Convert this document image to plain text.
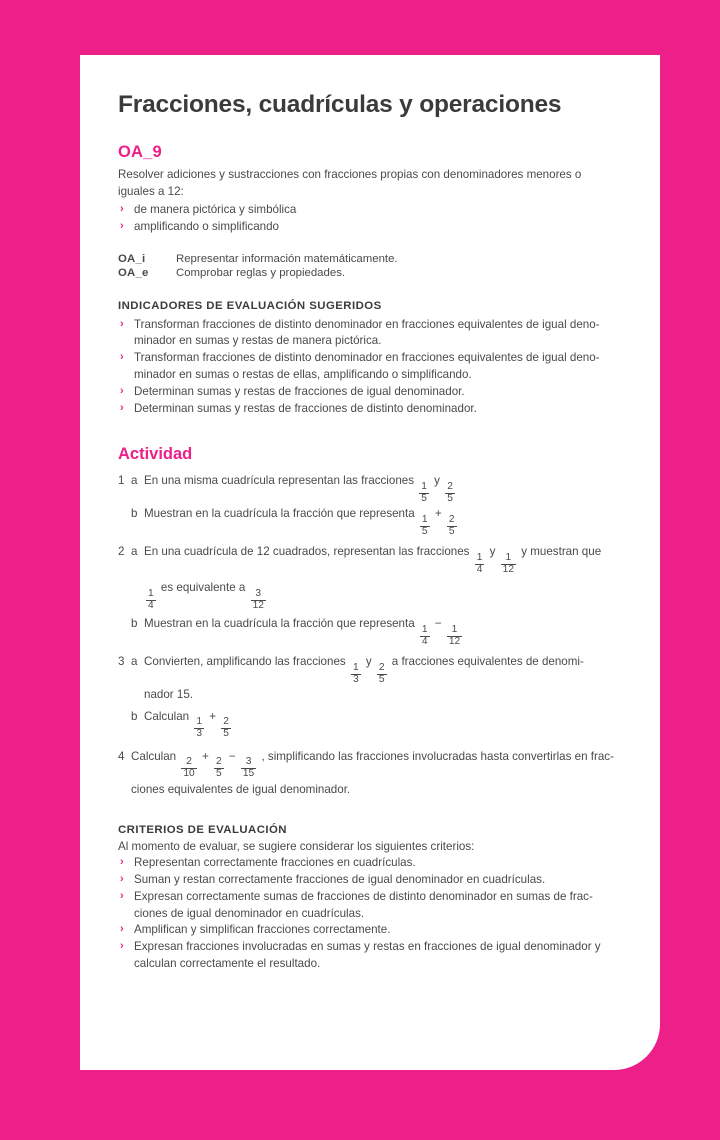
Fracciones, cuadrículas y operaciones
OA_9

Resolver adiciones y sustracciones con fracciones propias con denominadores menores o iguales a 12:

› de manera pictórica y simbólica
› amplificando o simplificando
OA_i	Representar información matemáticamente.
OA_e	Comprobar reglas y propiedades.
INDICADORES DE EVALUACIÓN SUGERIDOS
› Transforman fracciones de distinto denominador en fracciones equivalentes de igual deno-minador en sumas y restas de manera pictórica.
› Transforman fracciones de distinto denominador en fracciones equivalentes de igual deno-minador en sumas o restas de ellas, amplificando o simplificando.
› Determinan sumas y restas de fracciones de igual denominador.
› Determinan sumas y restas de fracciones de distinto denominador.
Actividad
1 a En una misma cuadrícula representan las fracciones
$\frac{1}{5}$
y
$\frac{2}{5}$
b Muestran en la cuadrícula la fracción que representa
$\frac{1}{5}$
+
$\frac{2}{5}$
2 a En una cuadrícula de 12 cuadrados, representan las fracciones
$\frac{1}{4}$
y
$\frac{1}{12}$
y muestran que
$\frac{1}{4}$
es equivalente a
$\frac{3}{12}$
b Muestran en la cuadrícula la fracción que representa
$\frac{1}{4}$
−
$\frac{1}{12}$
3 a Convierten, amplificando las fracciones
$\frac{1}{3}$
y
$\frac{2}{5}$
a fracciones equivalentes de denomi-
nador 15.
b Calculan
$\frac{1}{3}$
+
$\frac{2}{5}$
4 Calculan
$\frac{2}{10}$
+
$\frac{2}{5}$
−
$\frac{3}{15}$
, simplificando las fracciones involucradas hasta convertirlas en frac-
ciones equivalentes de igual denominador.
CRITERIOS DE EVALUACIÓN

Al momento de evaluar, se sugiere considerar los siguientes criterios:

› Representan correctamente fracciones en cuadrículas.
› Suman y restan correctamente fracciones de igual denominador en cuadrículas.
› Expresan correctamente sumas de fracciones de distinto denominador en sumas de frac-ciones de igual denominador en cuadrículas.
› Amplifican y simplifican fracciones correctamente.
› Expresan fracciones involucradas en sumas y restas en fracciones de igual denominador y calculan correctamente el resultado.
